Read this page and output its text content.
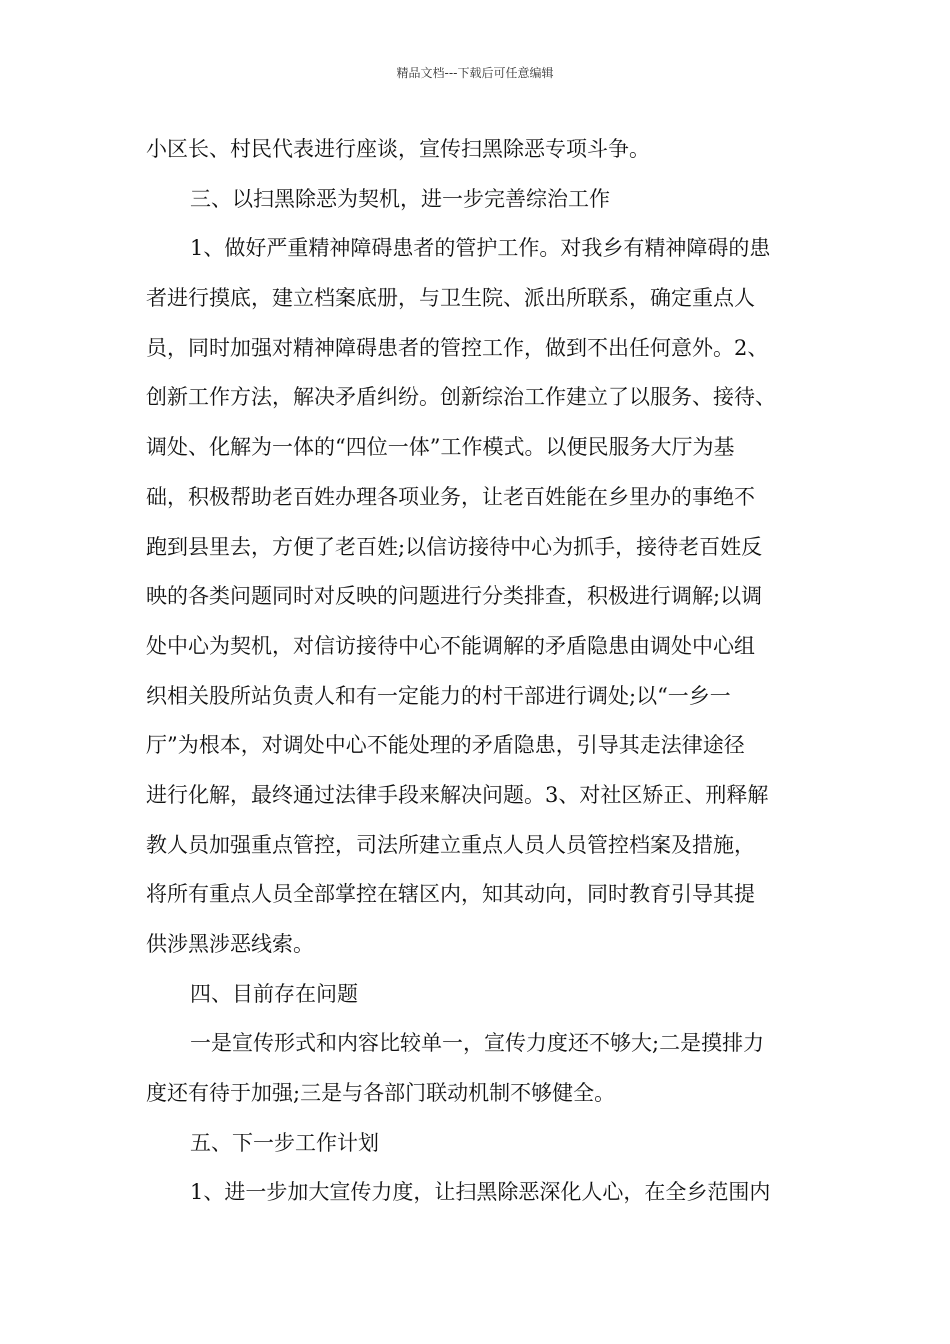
精品文档---下载后可任意编辑
小区长、村民代表进行座谈，宣传扫黑除恶专项斗争。
三、以扫黑除恶为契机，进一步完善综治工作
1、做好严重精神障碍患者的管护工作。对我乡有精神障碍的患
者进行摸底，建立档案底册，与卫生院、派出所联系，确定重点人
员，同时加强对精神障碍患者的管控工作，做到不出任何意外。2、
创新工作方法，解决矛盾纠纷。创新综治工作建立了以服务、接待、
调处、化解为一体的“四位一体”工作模式。以便民服务大厅为基
础，积极帮助老百姓办理各项业务，让老百姓能在乡里办的事绝不
跑到县里去，方便了老百姓;以信访接待中心为抓手，接待老百姓反
映的各类问题同时对反映的问题进行分类排查，积极进行调解;以调
处中心为契机，对信访接待中心不能调解的矛盾隐患由调处中心组
织相关股所站负责人和有一定能力的村干部进行调处;以“一乡一
厅”为根本，对调处中心不能处理的矛盾隐患，引导其走法律途径
进行化解，最终通过法律手段来解决问题。3、对社区矫正、刑释解
教人员加强重点管控，司法所建立重点人员人员管控档案及措施，
将所有重点人员全部掌控在辖区内，知其动向，同时教育引导其提
供涉黑涉恶线索。
四、目前存在问题
一是宣传形式和内容比较单一，宣传力度还不够大;二是摸排力
度还有待于加强;三是与各部门联动机制不够健全。
五、下一步工作计划
1、进一步加大宣传力度，让扫黑除恶深化人心，在全乡范围内
